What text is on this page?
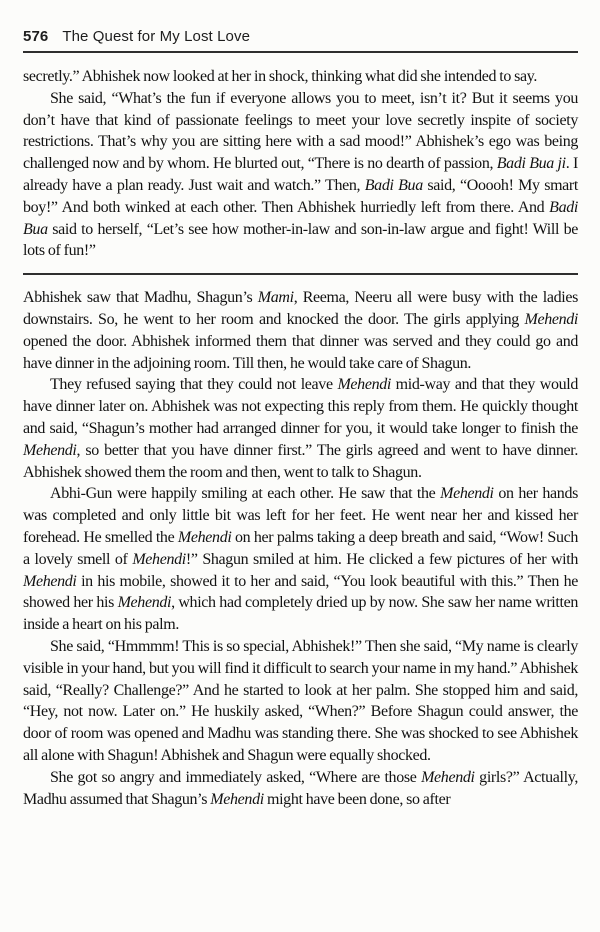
576 The Quest for My Lost Love

secretly.” Abhishek now looked at her in shock, thinking what did she intended to say.

She said, “What’s the fun if everyone allows you to meet, isn’t it? But it seems you don’t have that kind of passionate feelings to meet your love secretly inspite of society restrictions. That’s why you are sitting here with a sad mood!” Abhishek’s ego was being challenged now and by whom. He blurted out, “There is no dearth of passion, Badi Bua ji. I already have a plan ready. Just wait and watch.” Then, Badi Bua said, “Ooooh! My smart boy!” And both winked at each other. Then Abhishek hurriedly left from there. And Badi Bua said to herself, “Let’s see how mother-in-law and son-in-law argue and fight! Will be lots of fun!”

Abhishek saw that Madhu, Shagun’s Mami, Reema, Neeru all were busy with the ladies downstairs. So, he went to her room and knocked the door. The girls applying Mehendi opened the door. Abhishek informed them that dinner was served and they could go and have dinner in the adjoining room. Till then, he would take care of Shagun.

They refused saying that they could not leave Mehendi mid-way and that they would have dinner later on. Abhishek was not expecting this reply from them. He quickly thought and said, “Shagun’s mother had arranged dinner for you, it would take longer to finish the Mehendi, so better that you have dinner first.” The girls agreed and went to have dinner. Abhishek showed them the room and then, went to talk to Shagun.

Abhi-Gun were happily smiling at each other. He saw that the Mehendi on her hands was completed and only little bit was left for her feet. He went near her and kissed her forehead. He smelled the Mehendi on her palms taking a deep breath and said, “Wow! Such a lovely smell of Mehendi!” Shagun smiled at him. He clicked a few pictures of her with Mehendi in his mobile, showed it to her and said, “You look beautiful with this.” Then he showed her his Mehendi, which had completely dried up by now. She saw her name written inside a heart on his palm.

She said, “Hmmmm! This is so special, Abhishek!” Then she said, “My name is clearly visible in your hand, but you will find it difficult to search your name in my hand.” Abhishek said, “Really? Challenge?” And he started to look at her palm. She stopped him and said, “Hey, not now. Later on.” He huskily asked, “When?” Before Shagun could answer, the door of room was opened and Madhu was standing there. She was shocked to see Abhishek all alone with Shagun! Abhishek and Shagun were equally shocked.

She got so angry and immediately asked, “Where are those Mehendi girls?” Actually, Madhu assumed that Shagun’s Mehendi might have been done, so after
